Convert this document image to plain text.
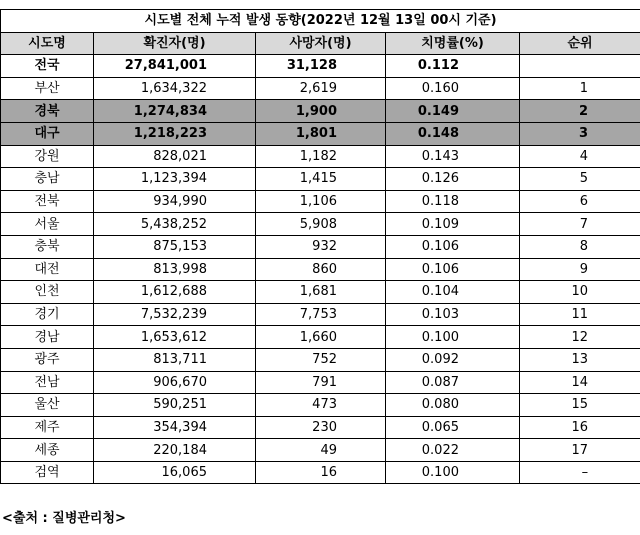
시도별 전체 누적 발생 동향(2022년 12월 13일 00시 기준)				
시도명	확진자(명)	사망자(명)	치명률(%)	순위
전국	27,841,001	31,128	0.112	
부산	1,634,322	2,619	0.160	1
경북	1,274,834	1,900	0.149	2
대구	1,218,223	1,801	0.148	3
강원	828,021	1,182	0.143	4
충남	1,123,394	1,415	0.126	5
전북	934,990	1,106	0.118	6
서울	5,438,252	5,908	0.109	7
충북	875,153	932	0.106	8
대전	813,998	860	0.106	9
인천	1,612,688	1,681	0.104	10
경기	7,532,239	7,753	0.103	11
경남	1,653,612	1,660	0.100	12
광주	813,711	752	0.092	13
전남	906,670	791	0.087	14
울산	590,251	473	0.080	15
제주	354,394	230	0.065	16
세종	220,184	49	0.022	17
검역	16,065	16	0.100	–
<출처 : 질병관리청>
